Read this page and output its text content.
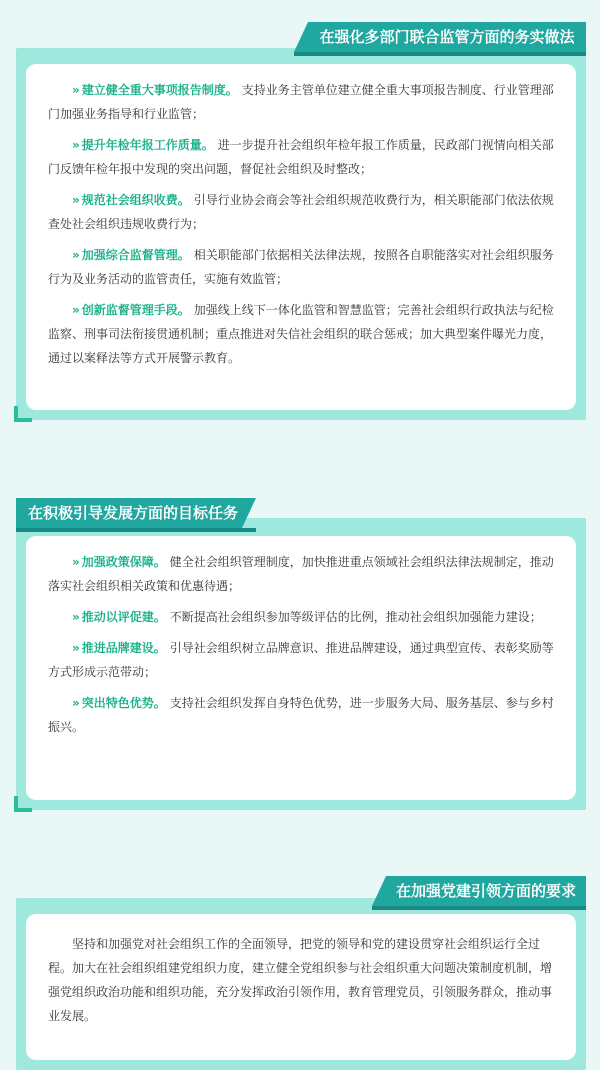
在强化多部门联合监管方面的务实做法

» 建立健全重大事项报告制度。 支持业务主管单位建立健全重大事项报告制度、行业管理部门加强业务指导和行业监管；

» 提升年检年报工作质量。 进一步提升社会组织年检年报工作质量，民政部门视情向相关部门反馈年检年报中发现的突出问题，督促社会组织及时整改；

» 规范社会组织收费。 引导行业协会商会等社会组织规范收费行为，相关职能部门依法依规查处社会组织违规收费行为；

» 加强综合监督管理。 相关职能部门依据相关法律法规，按照各自职能落实对社会组织服务行为及业务活动的监管责任，实施有效监管；

» 创新监督管理手段。 加强线上线下一体化监管和智慧监管；完善社会组织行政执法与纪检监察、刑事司法衔接贯通机制；重点推进对失信社会组织的联合惩戒；加大典型案件曝光力度，通过以案释法等方式开展警示教育。

在积极引导发展方面的目标任务

» 加强政策保障。 健全社会组织管理制度，加快推进重点领域社会组织法律法规制定，推动落实社会组织相关政策和优惠待遇；

» 推动以评促建。 不断提高社会组织参加等级评估的比例，推动社会组织加强能力建设；

» 推进品牌建设。 引导社会组织树立品牌意识、推进品牌建设，通过典型宣传、表彰奖励等方式形成示范带动；

» 突出特色优势。 支持社会组织发挥自身特色优势，进一步服务大局、服务基层、参与乡村振兴。

在加强党建引领方面的要求

坚持和加强党对社会组织工作的全面领导，把党的领导和党的建设贯穿社会组织运行全过程。加大在社会组织组建党组织力度，建立健全党组织参与社会组织重大问题决策制度机制，增强党组织政治功能和组织功能，充分发挥政治引领作用，教育管理党员，引领服务群众，推动事业发展。
